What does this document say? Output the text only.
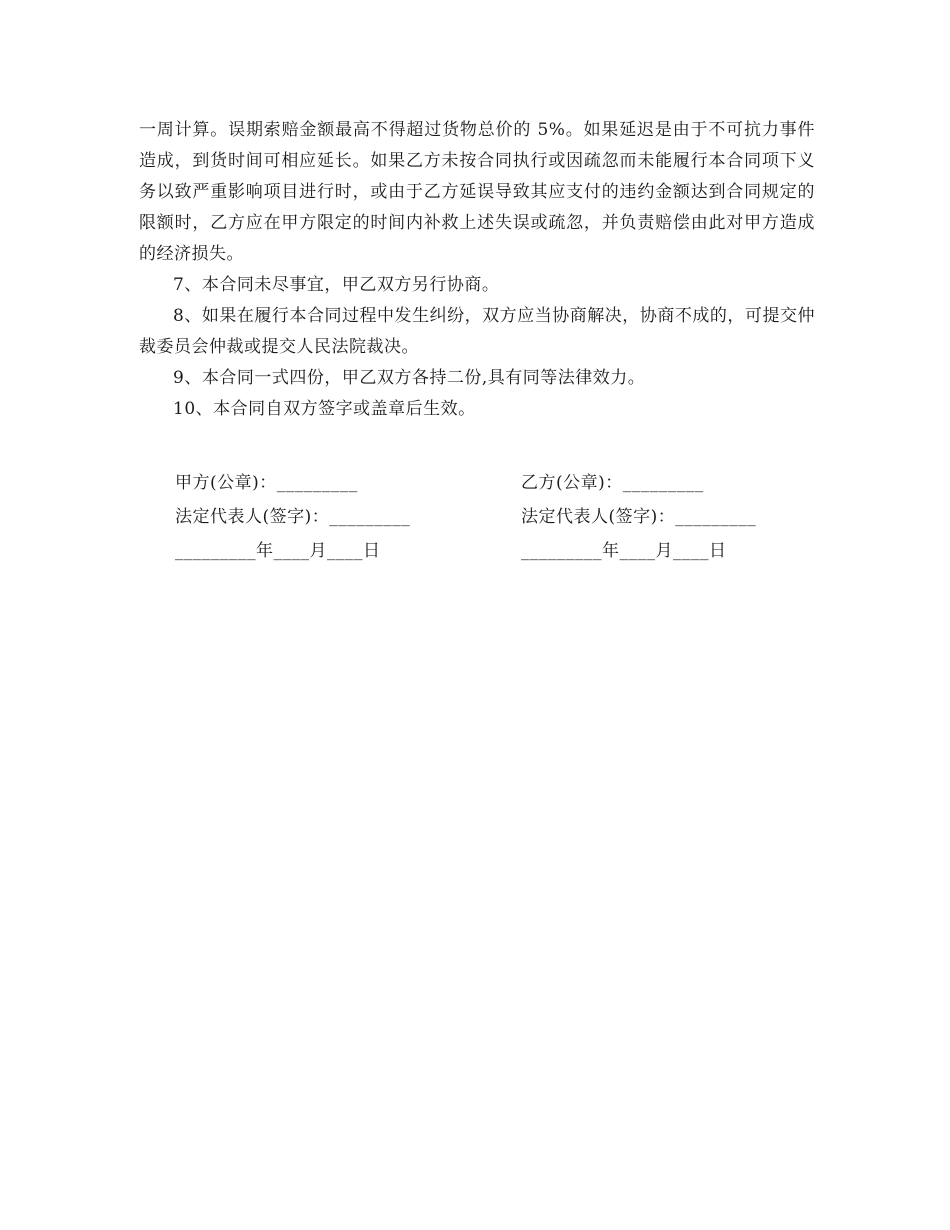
一周计算。误期索赔金额最高不得超过货物总价的 5%。如果延迟是由于不可抗力事件造成，到货时间可相应延长。如果乙方未按合同执行或因疏忽而未能履行本合同项下义务以致严重影响项目进行时，或由于乙方延误导致其应支付的违约金额达到合同规定的限额时，乙方应在甲方限定的时间内补救上述失误或疏忽，并负责赔偿由此对甲方造成的经济损失。

7、本合同未尽事宜，甲乙双方另行协商。

8、如果在履行本合同过程中发生纠纷，双方应当协商解决，协商不成的，可提交仲裁委员会仲裁或提交人民法院裁决。

9、本合同一式四份，甲乙双方各持二份,具有同等法律效力。

10、本合同自双方签字或盖章后生效。

甲方(公章)：_________	乙方(公章)：_________
法定代表人(签字)：_________	法定代表人(签字)：_________
_________年____月____日	_________年____月____日
